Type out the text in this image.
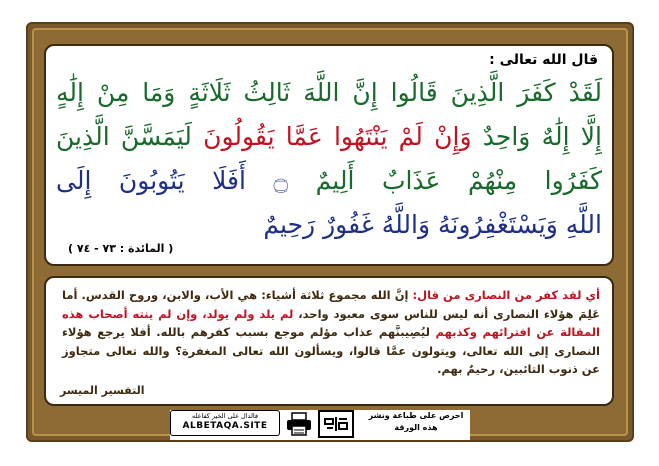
قال الله تعالى :

لَقَدْ كَفَرَ الَّذِينَ قَالُوا إِنَّ اللَّهَ ثَالِثُ ثَلَاثَةٍ وَمَا مِنْ إِلَٰهٍ

إِلَّا إِلَٰهٌ وَاحِدٌ وَإِنْ لَمْ يَنْتَهُوا عَمَّا يَقُولُونَ لَيَمَسَّنَّ الَّذِينَ

كَفَرُوا مِنْهُمْ عَذَابٌ أَلِيمٌ ۝ أَفَلَا يَتُوبُونَ إِلَى

اللَّهِ وَيَسْتَغْفِرُونَهُ وَاللَّهُ غَفُورٌ رَحِيمٌ

( المائدة : ٧٣ - ٧٤ )

أي لقد كفر من النصارى من قال: إنَّ الله مجموع ثلاثة أشياء: هي الأب، والابن، وروح القدس. أما عَلِمَ هؤلاء النصارى أنه ليس للناس سوى معبود واحد، لم يلد ولم يولد، وإن لم ينته أصحاب هذه المقالة عن افترائهم وكذبهم ليُصِيبنَّهم عذاب مؤلم موجع بسبب كفرهم بالله. أفلا يرجع هؤلاء النصارى إلى الله تعالى، ويتولون عمَّا قالوا، ويسألون الله تعالى المغفرة؟ والله تعالى متجاوز عن ذنوب التائبين، رحيمٌ بهم.

التفسير الميسر

فالدال على الخير كفاعله
ALBETAQA.SITE

احرص على طباعة ونشر هذه الورقة
